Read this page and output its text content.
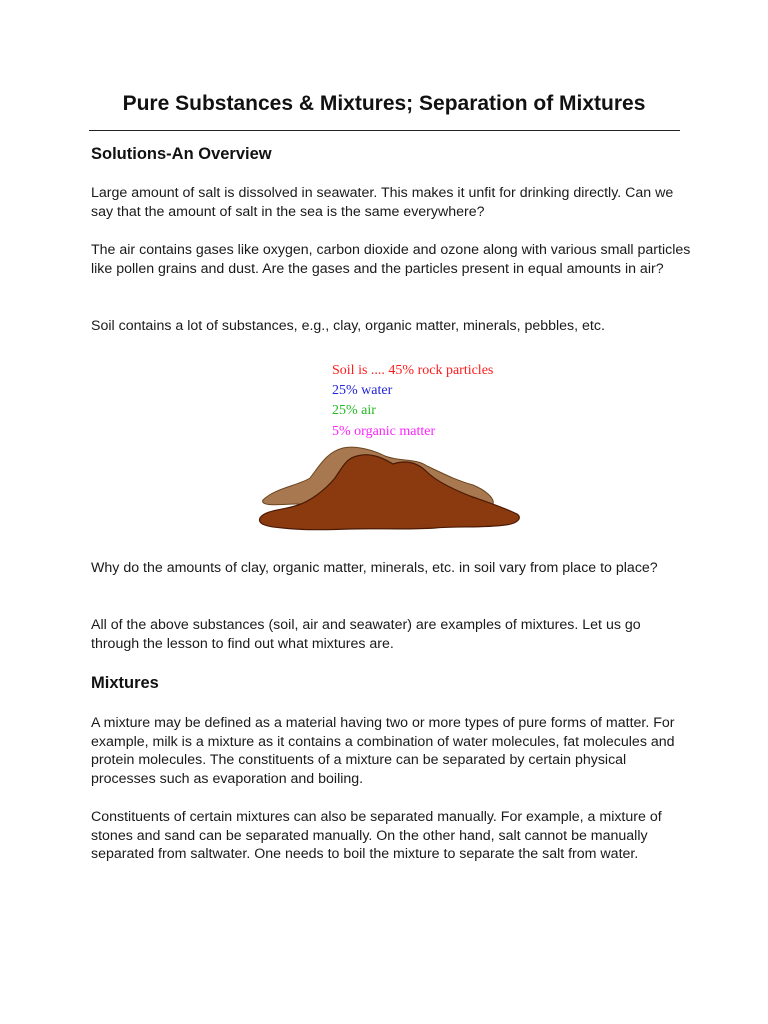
Pure Substances & Mixtures; Separation of Mixtures
Solutions-An Overview

Large amount of salt is dissolved in seawater. This makes it unfit for drinking directly. Can we say that the amount of salt in the sea is the same everywhere?

The air contains gases like oxygen, carbon dioxide and ozone along with various small particles like pollen grains and dust. Are the gases and the particles present in equal amounts in air?

Soil contains a lot of substances, e.g., clay, organic matter, minerals, pebbles, etc.

Soil is .... 45% rock particles
25% water
25% air
5% organic matter

Why do the amounts of clay, organic matter, minerals, etc. in soil vary from place to place?

All of the above substances (soil, air and seawater) are examples of mixtures. Let us go through the lesson to find out what mixtures are.

Mixtures

A mixture may be defined as a material having two or more types of pure forms of matter. For example, milk is a mixture as it contains a combination of water molecules, fat molecules and protein molecules. The constituents of a mixture can be separated by certain physical processes such as evaporation and boiling.

Constituents of certain mixtures can also be separated manually. For example, a mixture of stones and sand can be separated manually. On the other hand, salt cannot be manually separated from saltwater. One needs to boil the mixture to separate the salt from water.
